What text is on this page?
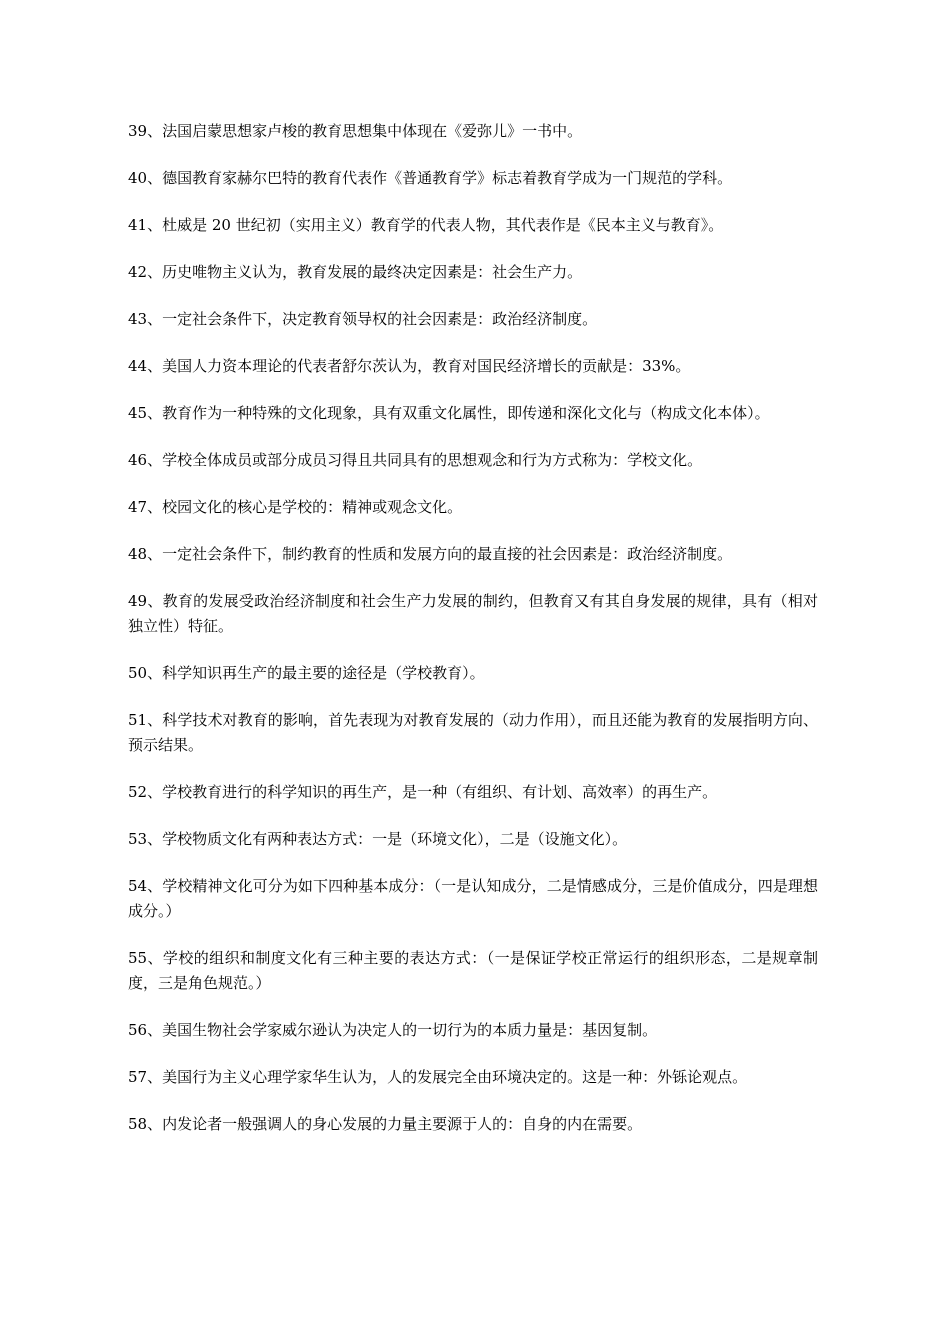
39、法国启蒙思想家卢梭的教育思想集中体现在《爱弥儿》一书中。

40、德国教育家赫尔巴特的教育代表作《普通教育学》标志着教育学成为一门规范的学科。

41、杜威是 20 世纪初（实用主义）教育学的代表人物，其代表作是《民本主义与教育》。

42、历史唯物主义认为，教育发展的最终决定因素是：社会生产力。

43、一定社会条件下，决定教育领导权的社会因素是：政治经济制度。

44、美国人力资本理论的代表者舒尔茨认为，教育对国民经济增长的贡献是：33%。

45、教育作为一种特殊的文化现象，具有双重文化属性，即传递和深化文化与（构成文化本体）。

46、学校全体成员或部分成员习得且共同具有的思想观念和行为方式称为：学校文化。

47、校园文化的核心是学校的：精神或观念文化。

48、一定社会条件下，制约教育的性质和发展方向的最直接的社会因素是：政治经济制度。

49、教育的发展受政治经济制度和社会生产力发展的制约，但教育又有其自身发展的规律，具有（相对独立性）特征。

50、科学知识再生产的最主要的途径是（学校教育）。

51、科学技术对教育的影响，首先表现为对教育发展的（动力作用），而且还能为教育的发展指明方向、预示结果。

52、学校教育进行的科学知识的再生产，是一种（有组织、有计划、高效率）的再生产。

53、学校物质文化有两种表达方式：一是（环境文化），二是（设施文化）。

54、学校精神文化可分为如下四种基本成分：（一是认知成分，二是情感成分，三是价值成分，四是理想成分。）

55、学校的组织和制度文化有三种主要的表达方式：（一是保证学校正常运行的组织形态，二是规章制度，三是角色规范。）

56、美国生物社会学家威尔逊认为决定人的一切行为的本质力量是：基因复制。

57、美国行为主义心理学家华生认为，人的发展完全由环境决定的。这是一种：外铄论观点。

58、内发论者一般强调人的身心发展的力量主要源于人的：自身的内在需要。
